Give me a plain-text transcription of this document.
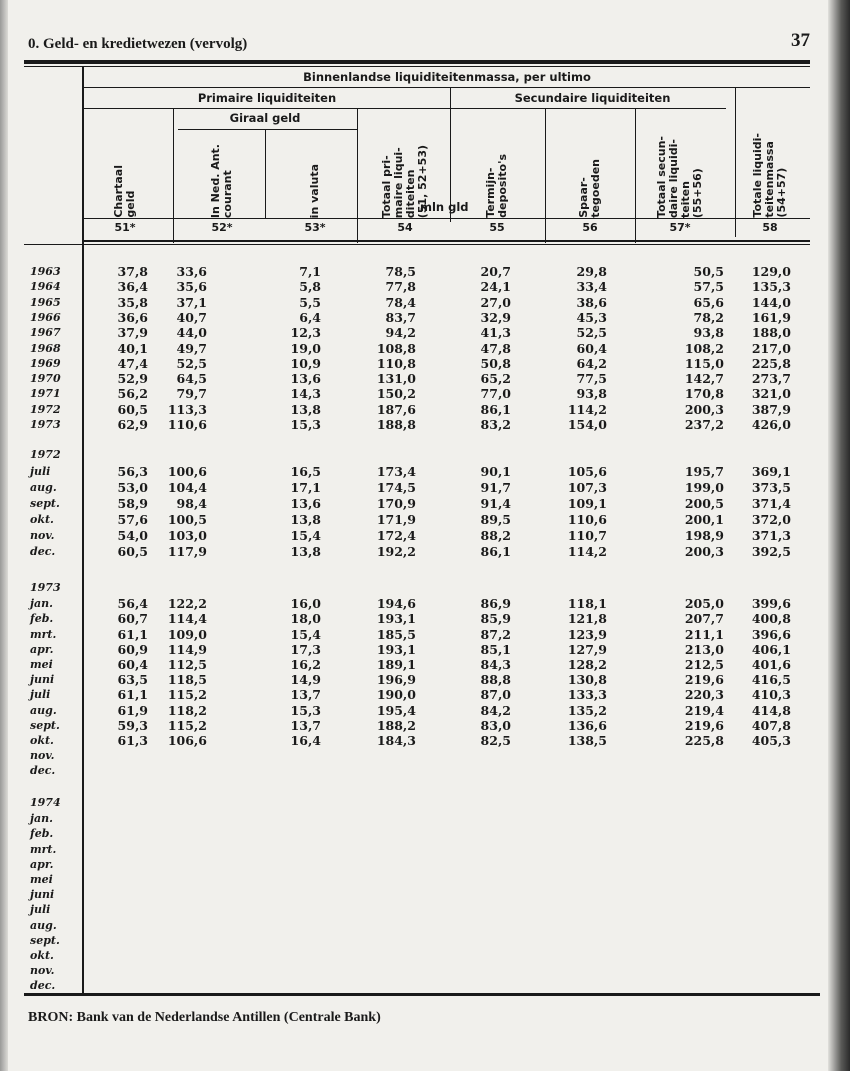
0. Geld- en kredietwezen (vervolg)	37
Binnenlandse liquiditeitenmassa, per ultimo
Primaire liquiditeiten	Secundaire liquiditeiten
Giraal geld
Chartaal geld	In Ned. Ant. courant	in valuta	Totaal pri- maire liqui- diteiten (51, 52+53)	Termijn- deposito's	Spaar- tegoeden	Totaal secun- daire liquidi- teiten (55+56)	Totale liquidi- teitenmassa (54+57)
mln gld
51*	52*	53*	54	55	56	57*	58
1963	37,8	33,6	7,1	78,5	20,7	29,8	50,5	129,0
1964	36,4	35,6	5,8	77,8	24,1	33,4	57,5	135,3
1965	35,8	37,1	5,5	78,4	27,0	38,6	65,6	144,0
1966	36,6	40,7	6,4	83,7	32,9	45,3	78,2	161,9
1967	37,9	44,0	12,3	94,2	41,3	52,5	93,8	188,0
1968	40,1	49,7	19,0	108,8	47,8	60,4	108,2	217,0
1969	47,4	52,5	10,9	110,8	50,8	64,2	115,0	225,8
1970	52,9	64,5	13,6	131,0	65,2	77,5	142,7	273,7
1971	56,2	79,7	14,3	150,2	77,0	93,8	170,8	321,0
1972	60,5	113,3	13,8	187,6	86,1	114,2	200,3	387,9
1973	62,9	110,6	15,3	188,8	83,2	154,0	237,2	426,0
1972
juli	56,3	100,6	16,5	173,4	90,1	105,6	195,7	369,1
aug.	53,0	104,4	17,1	174,5	91,7	107,3	199,0	373,5
sept.	58,9	98,4	13,6	170,9	91,4	109,1	200,5	371,4
okt.	57,6	100,5	13,8	171,9	89,5	110,6	200,1	372,0
nov.	54,0	103,0	15,4	172,4	88,2	110,7	198,9	371,3
dec.	60,5	117,9	13,8	192,2	86,1	114,2	200,3	392,5
1973
jan.	56,4	122,2	16,0	194,6	86,9	118,1	205,0	399,6
feb.	60,7	114,4	18,0	193,1	85,9	121,8	207,7	400,8
mrt.	61,1	109,0	15,4	185,5	87,2	123,9	211,1	396,6
apr.	60,9	114,9	17,3	193,1	85,1	127,9	213,0	406,1
mei	60,4	112,5	16,2	189,1	84,3	128,2	212,5	401,6
juni	63,5	118,5	14,9	196,9	88,8	130,8	219,6	416,5
juli	61,1	115,2	13,7	190,0	87,0	133,3	220,3	410,3
aug.	61,9	118,2	15,3	195,4	84,2	135,2	219,4	414,8
sept.	59,3	115,2	13,7	188,2	83,0	136,6	219,6	407,8
okt.	61,3	106,6	16,4	184,3	82,5	138,5	225,8	405,3
nov.
dec.
1974
jan.
feb.
mrt.
apr.
mei
juni
juli
aug.
sept.
okt.
nov.
dec.
BRON: Bank van de Nederlandse Antillen (Centrale Bank)
